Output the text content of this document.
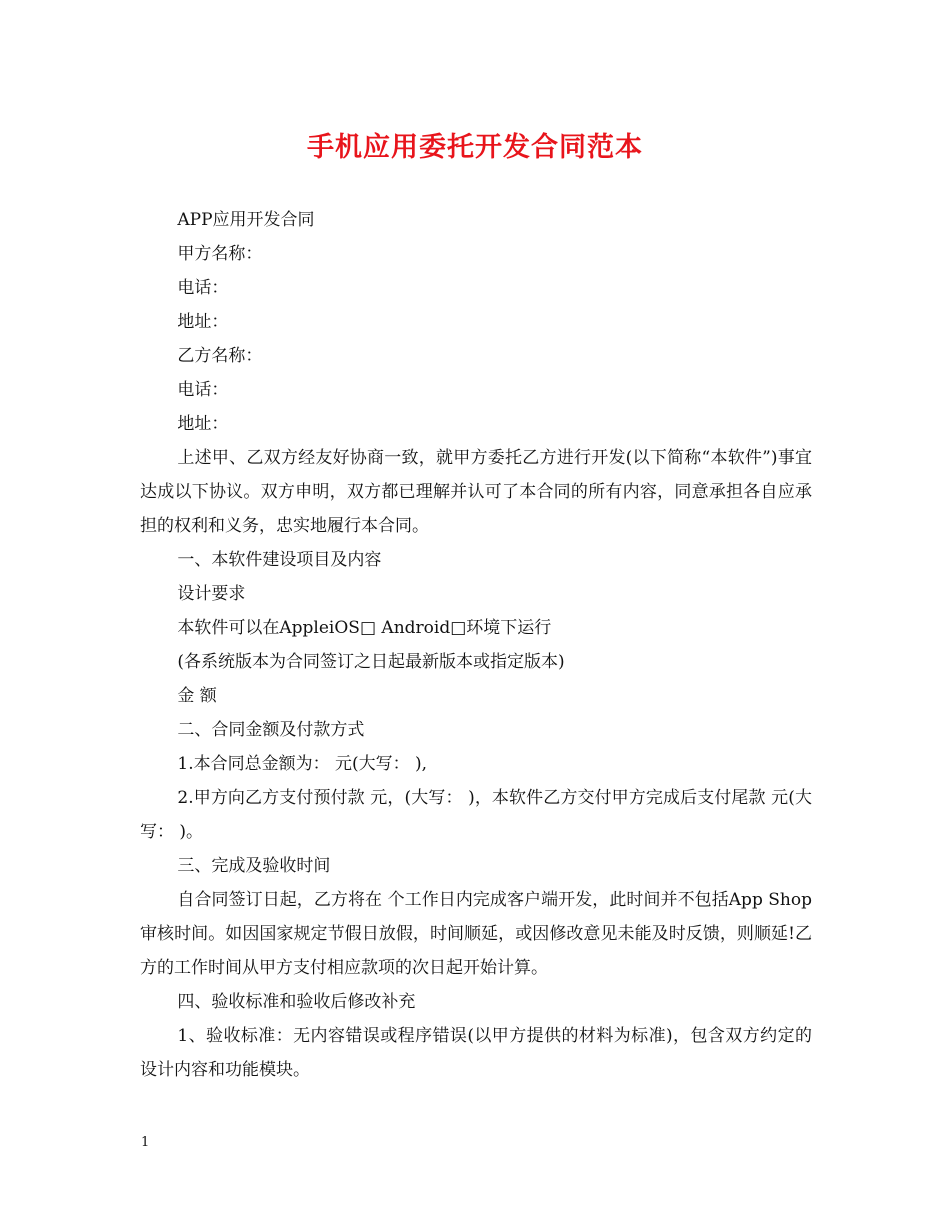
手机应用委托开发合同范本

APP应用开发合同

甲方名称：

电话：

地址：

乙方名称：

电话：

地址：

上述甲、乙双方经友好协商一致，就甲方委托乙方进行开发(以下简称“本软件”)事宜达成以下协议。双方申明，双方都已理解并认可了本合同的所有内容，同意承担各自应承担的权利和义务，忠实地履行本合同。

一、本软件建设项目及内容

设计要求

本软件可以在AppleiOS□ Android□环境下运行

(各系统版本为合同签订之日起最新版本或指定版本)

金 额

二、合同金额及付款方式

1.本合同总金额为： 元(大写： ),

2.甲方向乙方支付预付款 元，(大写： )，本软件乙方交付甲方完成后支付尾款 元(大写： )。

三、完成及验收时间

自合同签订日起，乙方将在 个工作日内完成客户端开发，此时间并不包括App Shop审核时间。如因国家规定节假日放假，时间顺延，或因修改意见未能及时反馈，则顺延!乙方的工作时间从甲方支付相应款项的次日起开始计算。

四、验收标准和验收后修改补充

1、验收标准：无内容错误或程序错误(以甲方提供的材料为标准)，包含双方约定的设计内容和功能模块。

1
